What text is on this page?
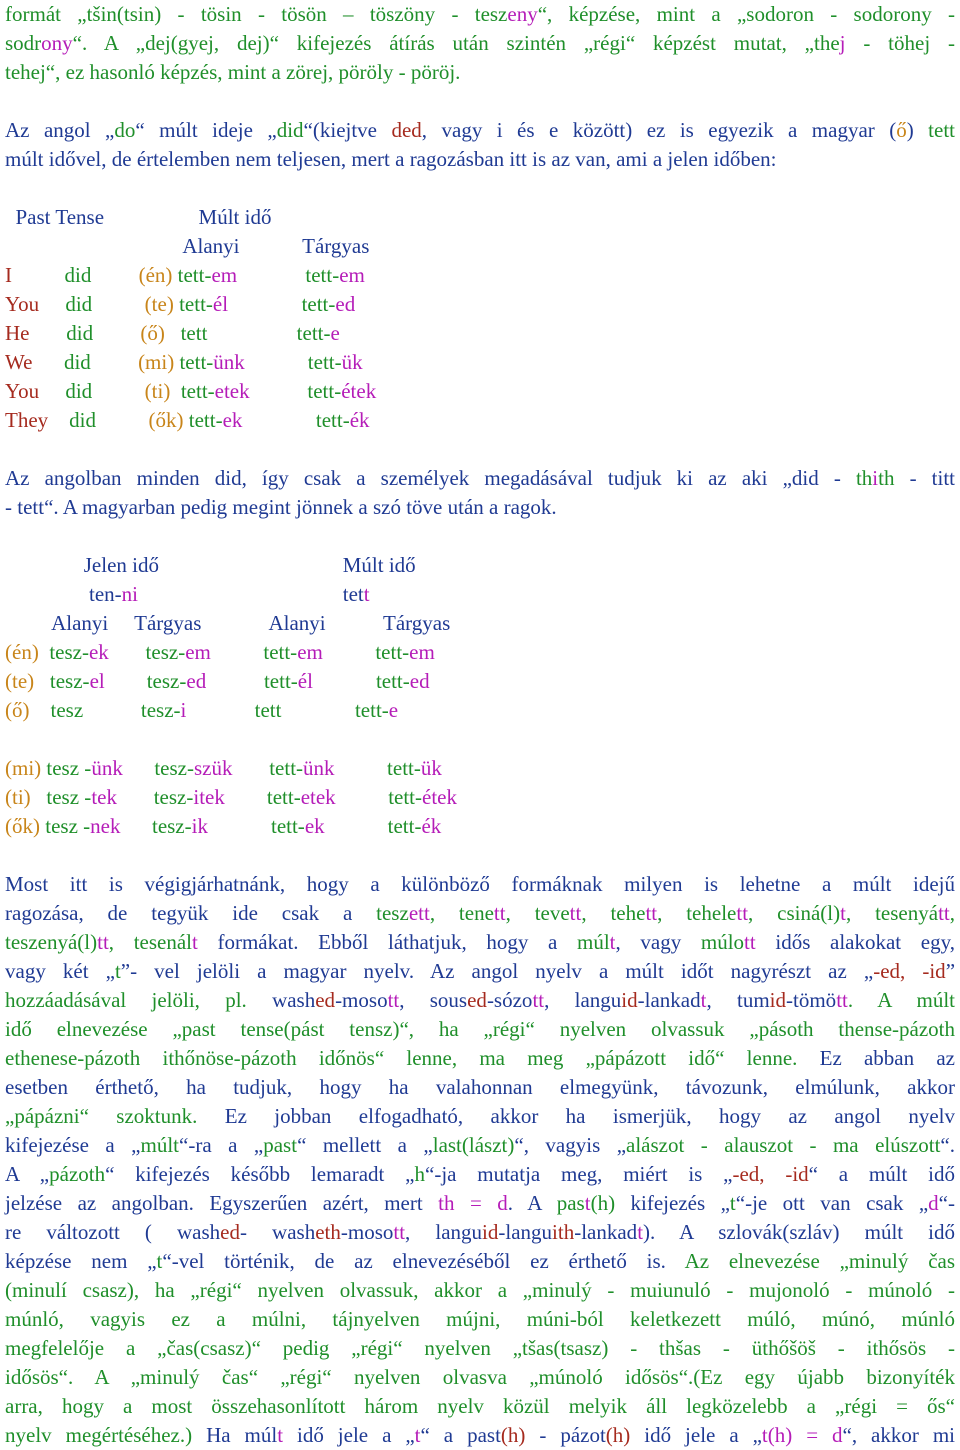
formát „tšin(tsin) - tösin - tösön – töszöny - teszeny“, képzése, mint a „sodoron - sodorony -
sodrony“. A „dej(gyej, dej)“ kifejezés átírás után szintén „régi“ képzést mutat, „thej - töhej -
tehej“, ez hasonló képzés, mint a zörej, pöröly - pöröj.
Az angol „do“ múlt ideje „did“(kiejtve ded, vagy i és e között) ez is egyezik a magyar (ő) tett
múlt idővel, de értelemben nem teljesen, mert a ragozásban itt is az van, ami a jelen időben:
Past Tense                  Múlt idő
Alanyi            Tárgyas
I          did         (én) tett-em             tett-em
You     did          (te) tett-él              tett-ed
He       did         (ő)   tett                 tett-e
We      did         (mi) tett-ünk            tett-ük
You     did          (ti)  tett-etek           tett-étek
They    did          (ők) tett-ek              tett-ék
Az angolban minden did, így csak a személyek megadásával tudjuk ki az aki „did - thith - titt
- tett“. A magyarban pedig megint jönnek a szó töve után a ragok.
Jelen idő                                   Múlt idő
ten-ni                                       tett
Alanyi     Tárgyas             Alanyi           Tárgyas
(én)  tesz-ek       tesz-em          tett-em          tett-em
(te)   tesz-el        tesz-ed           tett-él            tett-ed
(ő)    tesz           tesz-i             tett              tett-e
(mi) tesz -ünk      tesz-szük       tett-ünk          tett-ük
(ti)   tesz -tek       tesz-itek        tett-etek          tett-étek
(ők) tesz -nek      tesz-ik            tett-ek            tett-ék
Most itt is végigjárhatnánk, hogy a különböző formáknak milyen is lehetne a múlt idejű
ragozása, de tegyük ide csak a teszett, tenett, tevett, tehett, tehelett, csiná(l)t, tesenyátt,
teszenyá(l)tt, tesenált formákat. Ebből láthatjuk, hogy a múlt, vagy múlott idős alakokat egy,
vagy két „t”- vel jelöli a magyar nyelv. Az angol nyelv a múlt időt nagyrészt az „-ed, -id”
hozzáadásával jelöli, pl. washed-mosott, soused-sózott, languid-lankadt, tumid-tömött. A múlt
idő elnevezése „past tense(pást tensz)“, ha „régi“ nyelven olvassuk „pásoth thense-pázoth
ethenese-pázoth ithőnöse-pázoth időnös“ lenne, ma meg „pápázott idő“ lenne. Ez abban az
esetben érthető, ha tudjuk, hogy ha valahonnan elmegyünk, távozunk, elmúlunk, akkor
„pápázni“ szoktunk. Ez jobban elfogadható, akkor ha ismerjük, hogy az angol nyelv
kifejezése a „múlt“-ra a „past“ mellett a „last(lászt)“, vagyis „alászot - alauszot - ma elúszott“.
A „pázoth“ kifejezés később lemaradt „h“-ja mutatja meg, miért is „-ed, -id“ a múlt idő
jelzése az angolban. Egyszerűen azért, mert th = d. A past(h) kifejezés „t“-je ott van csak „d“-
re változott ( washed- washeth-mosott, languid-languith-lankadt). A szlovák(szláv) múlt idő
képzése nem „t“-vel történik, de az elnevezéséből ez érthető is. Az elnevezése „minulý čas
(minulí csasz), ha „régi“ nyelven olvassuk, akkor a „minulý - muiunuló - mujonoló - múnoló -
múnló, vagyis ez a múlni, tájnyelven mújni, múni-ból keletkezett múló, múnó, múnló
megfelelője a „čas(csasz)“ pedig „régi“ nyelven „tšas(tsasz) - thšas - üthőšöš - ithősös -
idősös“. A „minulý čas“ „régi“ nyelven olvasva „múnoló idősös“.(Ez egy újabb bizonyíték
arra, hogy a most összehasonlított három nyelv közül melyik áll legközelebb a „régi = ős“
nyelv megértéséhez.) Ha múlt idő jele a „t“ a past(h) - pázot(h) idő jele a „t(h) = d“, akkor mi
